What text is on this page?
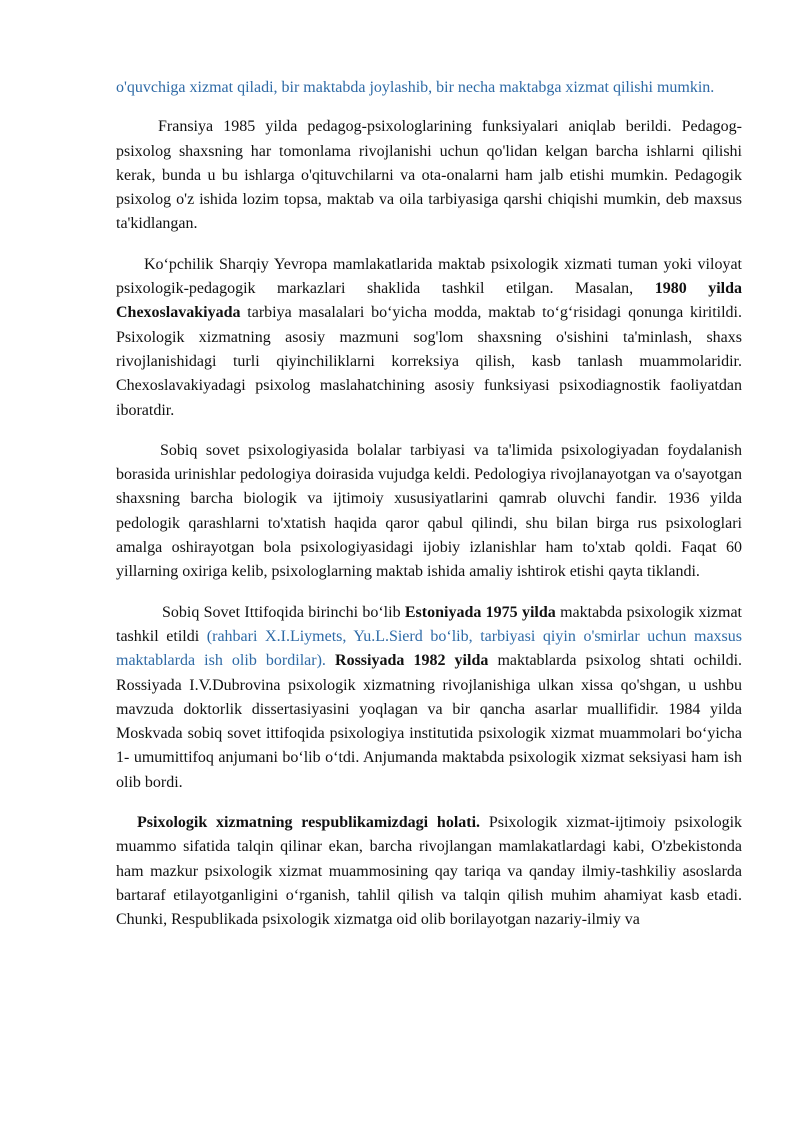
o'quvchiga xizmat qiladi, bir maktabda joylashib, bir necha maktabga xizmat qilishi mumkin.

Fransiya 1985 yilda pedagog-psixologlarining funksiyalari aniqlab berildi. Pedagog-psixolog shaxsning har tomonlama rivojlanishi uchun qo'lidan kelgan barcha ishlarni qilishi kerak, bunda u bu ishlarga o'qituvchilarni va ota-onalarni ham jalb etishi mumkin. Pedagogik psixolog o'z ishida lozim topsa, maktab va oila tarbiyasiga qarshi chiqishi mumkin, deb maxsus ta'kidlangan.

Ko‘pchilik Sharqiy Yevropa mamlakatlarida maktab psixologik xizmati tuman yoki viloyat psixologik-pedagogik markazlari shaklida tashkil etilgan. Masalan, 1980 yilda Chexoslavakiyada tarbiya masalalari bo‘yicha modda, maktab to‘g‘risidagi qonunga kiritildi. Psixologik xizmatning asosiy mazmuni sog'lom shaxsning o'sishini ta'minlash, shaxs rivojlanishidagi turli qiyinchiliklarni korreksiya qilish, kasb tanlash muammolaridir. Chexoslavakiyadagi psixolog maslahatchining asosiy funksiyasi psixodiagnostik faoliyatdan iboratdir.

Sobiq sovet psixologiyasida bolalar tarbiyasi va ta'limida psixologiyadan foydalanish borasida urinishlar pedologiya doirasida vujudga keldi. Pedologiya rivojlanayotgan va o'sayotgan shaxsning barcha biologik va ijtimoiy xususiyatlarini qamrab oluvchi fandir. 1936 yilda pedologik qarashlarni to'xtatish haqida qaror qabul qilindi, shu bilan birga rus psixologlari amalga oshirayotgan bola psixologiyasidagi ijobiy izlanishlar ham to'xtab qoldi. Faqat 60 yillarning oxiriga kelib, psixologlarning maktab ishida amaliy ishtirok etishi qayta tiklandi.

Sobiq Sovet Ittifoqida birinchi bo‘lib Estoniyada 1975 yilda maktabda psixologik xizmat tashkil etildi (rahbari X.I.Liymets, Yu.L.Sierd bo‘lib, tarbiyasi qiyin o'smirlar uchun maxsus maktablarda ish olib bordilar). Rossiyada 1982 yilda maktablarda psixolog shtati ochildi. Rossiyada I.V.Dubrovina psixologik xizmatning rivojlanishiga ulkan xissa qo'shgan, u ushbu mavzuda doktorlik dissertasiyasini yoqlagan va bir qancha asarlar muallifidir. 1984 yilda Moskvada sobiq sovet ittifoqida psixologiya institutida psixologik xizmat muammolari bo‘yicha 1- umumittifoq anjumani bo‘lib o‘tdi. Anjumanda maktabda psixologik xizmat seksiyasi ham ish olib bordi.

Psixologik xizmatning respublikamizdagi holati. Psixologik xizmat-ijtimoiy psixologik muammo sifatida talqin qilinar ekan, barcha rivojlangan mamlakatlardagi kabi, O'zbekistonda ham mazkur psixologik xizmat muammosining qay tariqa va qanday ilmiy-tashkiliy asoslarda bartaraf etilayotganligini o‘rganish, tahlil qilish va talqin qilish muhim ahamiyat kasb etadi. Chunki, Respublikada psixologik xizmatga oid olib borilayotgan nazariy-ilmiy va
